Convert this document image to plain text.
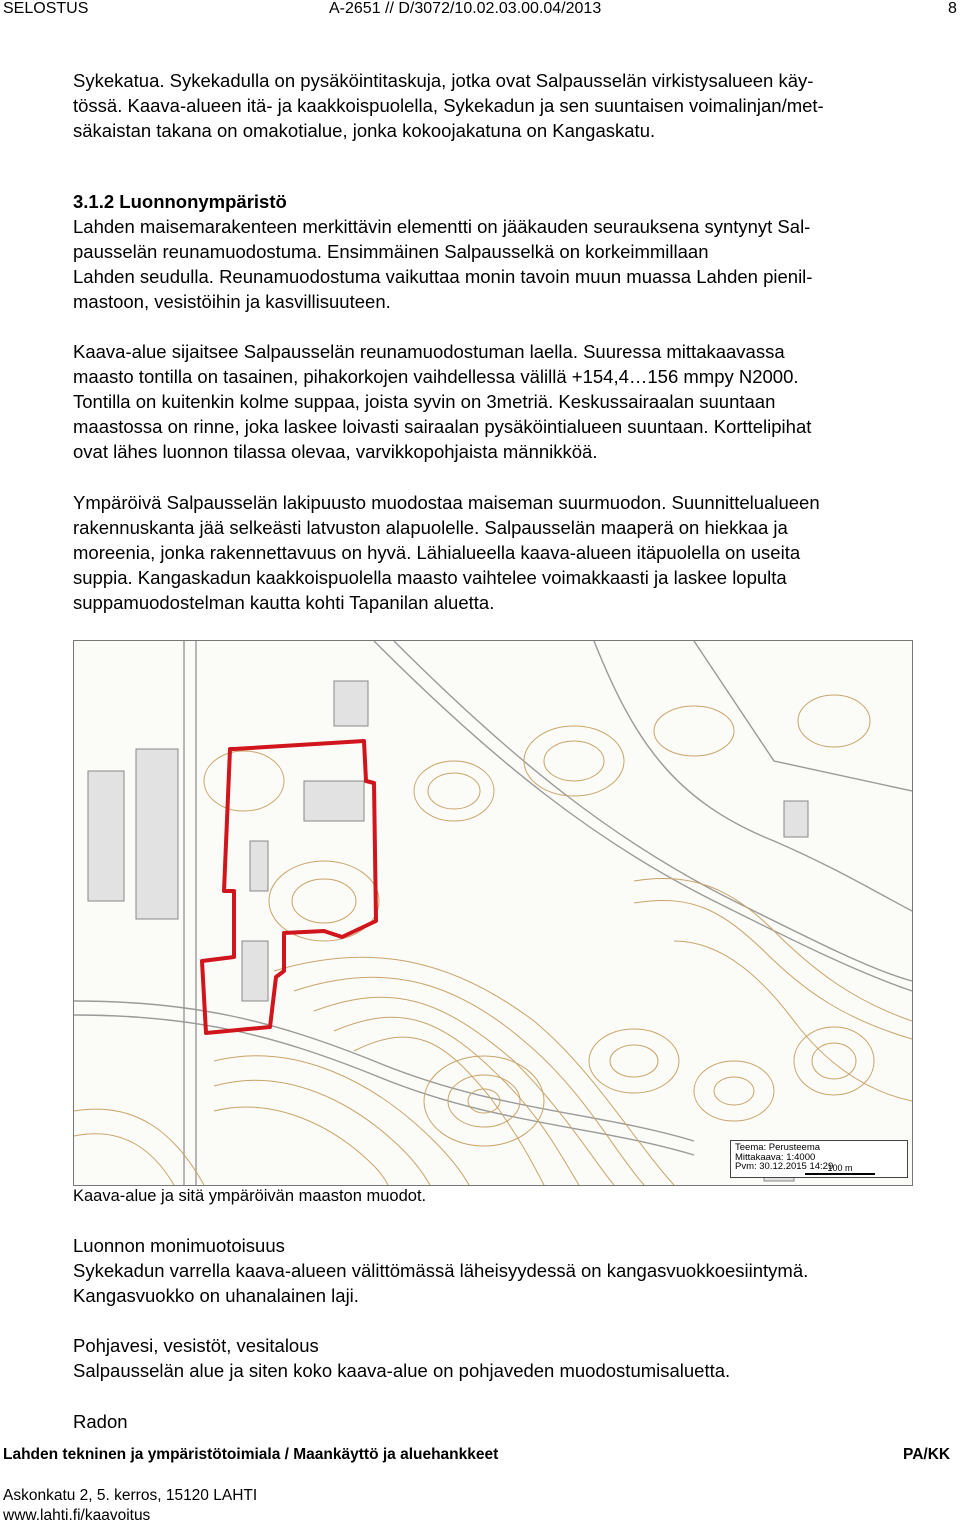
SELOSTUS	A-2651 // D/3072/10.02.03.00.04/2013	8

Sykekatua. Sykekadulla on pysäköintitaskuja, jotka ovat Salpausselän virkistysalueen käy-

tössä. Kaava-alueen itä- ja kaakkoispuolella, Sykekadun ja sen suuntaisen voimalinjan/met-

säkaistan takana on omakotialue, jonka kokoojakatuna on Kangaskatu.

3.1.2 Luonnonympäristö

Lahden maisemarakenteen merkittävin elementti on jääkauden seurauksena syntynyt Sal-

pausselän reunamuodostuma. Ensimmäinen Salpausselkä on korkeimmillaan

Lahden seudulla. Reunamuodostuma vaikuttaa monin tavoin muun muassa Lahden pienil-

mastoon, vesistöihin ja kasvillisuuteen.

Kaava-alue sijaitsee Salpausselän reunamuodostuman laella. Suuressa mittakaavassa

maasto tontilla on tasainen, pihakorkojen vaihdellessa välillä +154,4…156 mmpy N2000.

Tontilla on kuitenkin kolme suppaa, joista syvin on 3metriä. Keskussairaalan suuntaan

maastossa on rinne, joka laskee loivasti sairaalan pysäköintialueen suuntaan. Korttelipihat

ovat lähes luonnon tilassa olevaa, varvikkopohjaista männikköä.

Ympäröivä Salpausselän lakipuusto muodostaa maiseman suurmuodon. Suunnittelualueen

rakennuskanta jää selkeästi latvuston alapuolelle. Salpausselän maaperä on hiekkaa ja

moreenia, jonka rakennettavuus on hyvä. Lähialueella kaava-alueen itäpuolella on useita

suppia. Kangaskadun kaakkoispuolella maasto vaihtelee voimakkaasti ja laskee lopulta

suppamuodostelman kautta kohti Tapanilan aluetta.

Teema: Perusteema
Mittakaava: 1:4000
Pvm: 30.12.2015 14:29
100 m
Kaava-alue ja sitä ympäröivän maaston muodot.

Luonnon monimuotoisuus

Sykekadun varrella kaava-alueen välittömässä läheisyydessä on kangasvuokkoesiintymä.

Kangasvuokko on uhanalainen laji.

Pohjavesi, vesistöt, vesitalous

Salpausselän alue ja siten koko kaava-alue on pohjaveden muodostumisaluetta.

Radon

Lahden tekninen ja ympäristötoimiala / Maankäyttö ja aluehankkeet	PA/KK
Askonkatu 2, 5. kerros, 15120 LAHTI
www.lahti.fi/kaavoitus
